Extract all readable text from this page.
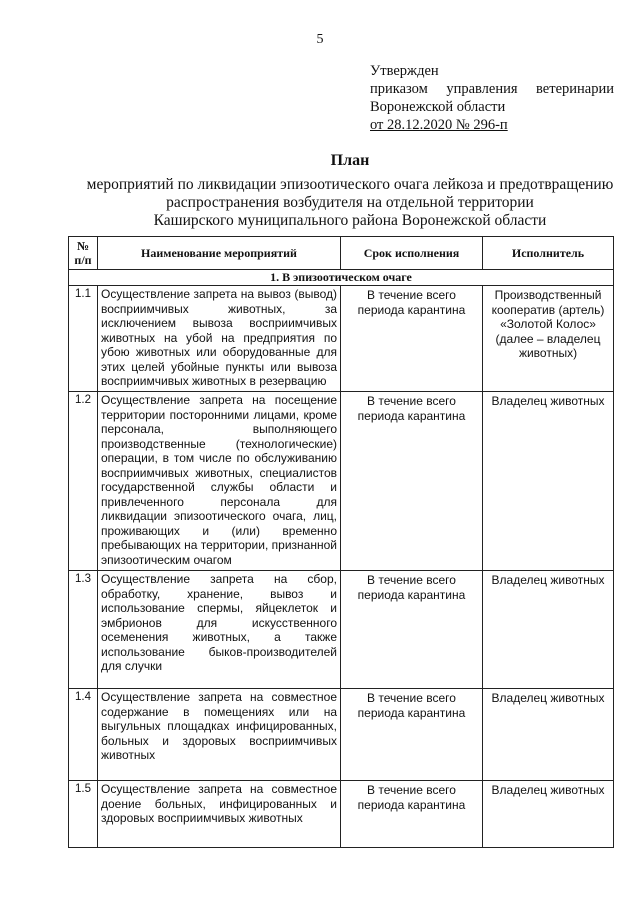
5
Утвержден
приказом управления ветеринарии
Воронежской области
от 28.12.2020 № 296-п
План
мероприятий по ликвидации эпизоотического очага лейкоза и предотвращению
распространения возбудителя на отдельной территории
Каширского муниципального района Воронежской области
№ п/п	Наименование мероприятий	Срок исполнения	Исполнитель
1. В эпизоотическом очаге			
1.1	Осуществление запрета на вывоз (вывод) восприимчивых животных, за исключением вывоза восприимчивых животных на убой на предприятия по убою животных или оборудованные для этих целей убойные пункты или вывоза восприимчивых животных в резервацию	В течение всего периода карантина	Производственный кооператив (артель) «Золотой Колос» (далее – владелец животных)
1.2	Осуществление запрета на посещение территории посторонними лицами, кроме персонала, выполняющего производственные (технологические) операции, в том числе по обслуживанию восприимчивых животных, специалистов государственной службы области и привлеченного персонала для ликвидации эпизоотического очага, лиц, проживающих и (или) временно пребывающих на территории, признанной эпизоотическим очагом	В течение всего периода карантина	Владелец животных
1.3	Осуществление запрета на сбор, обработку, хранение, вывоз и использование спермы, яйцеклеток и эмбрионов для искусственного осеменения животных, а также использование быков-производителей для случки	В течение всего периода карантина	Владелец животных
1.4	Осуществление запрета на совместное содержание в помещениях или на выгульных площадках инфицированных, больных и здоровых восприимчивых животных	В течение всего периода карантина	Владелец животных
1.5	Осуществление запрета на совместное доение больных, инфицированных и здоровых восприимчивых животных	В течение всего периода карантина	Владелец животных
